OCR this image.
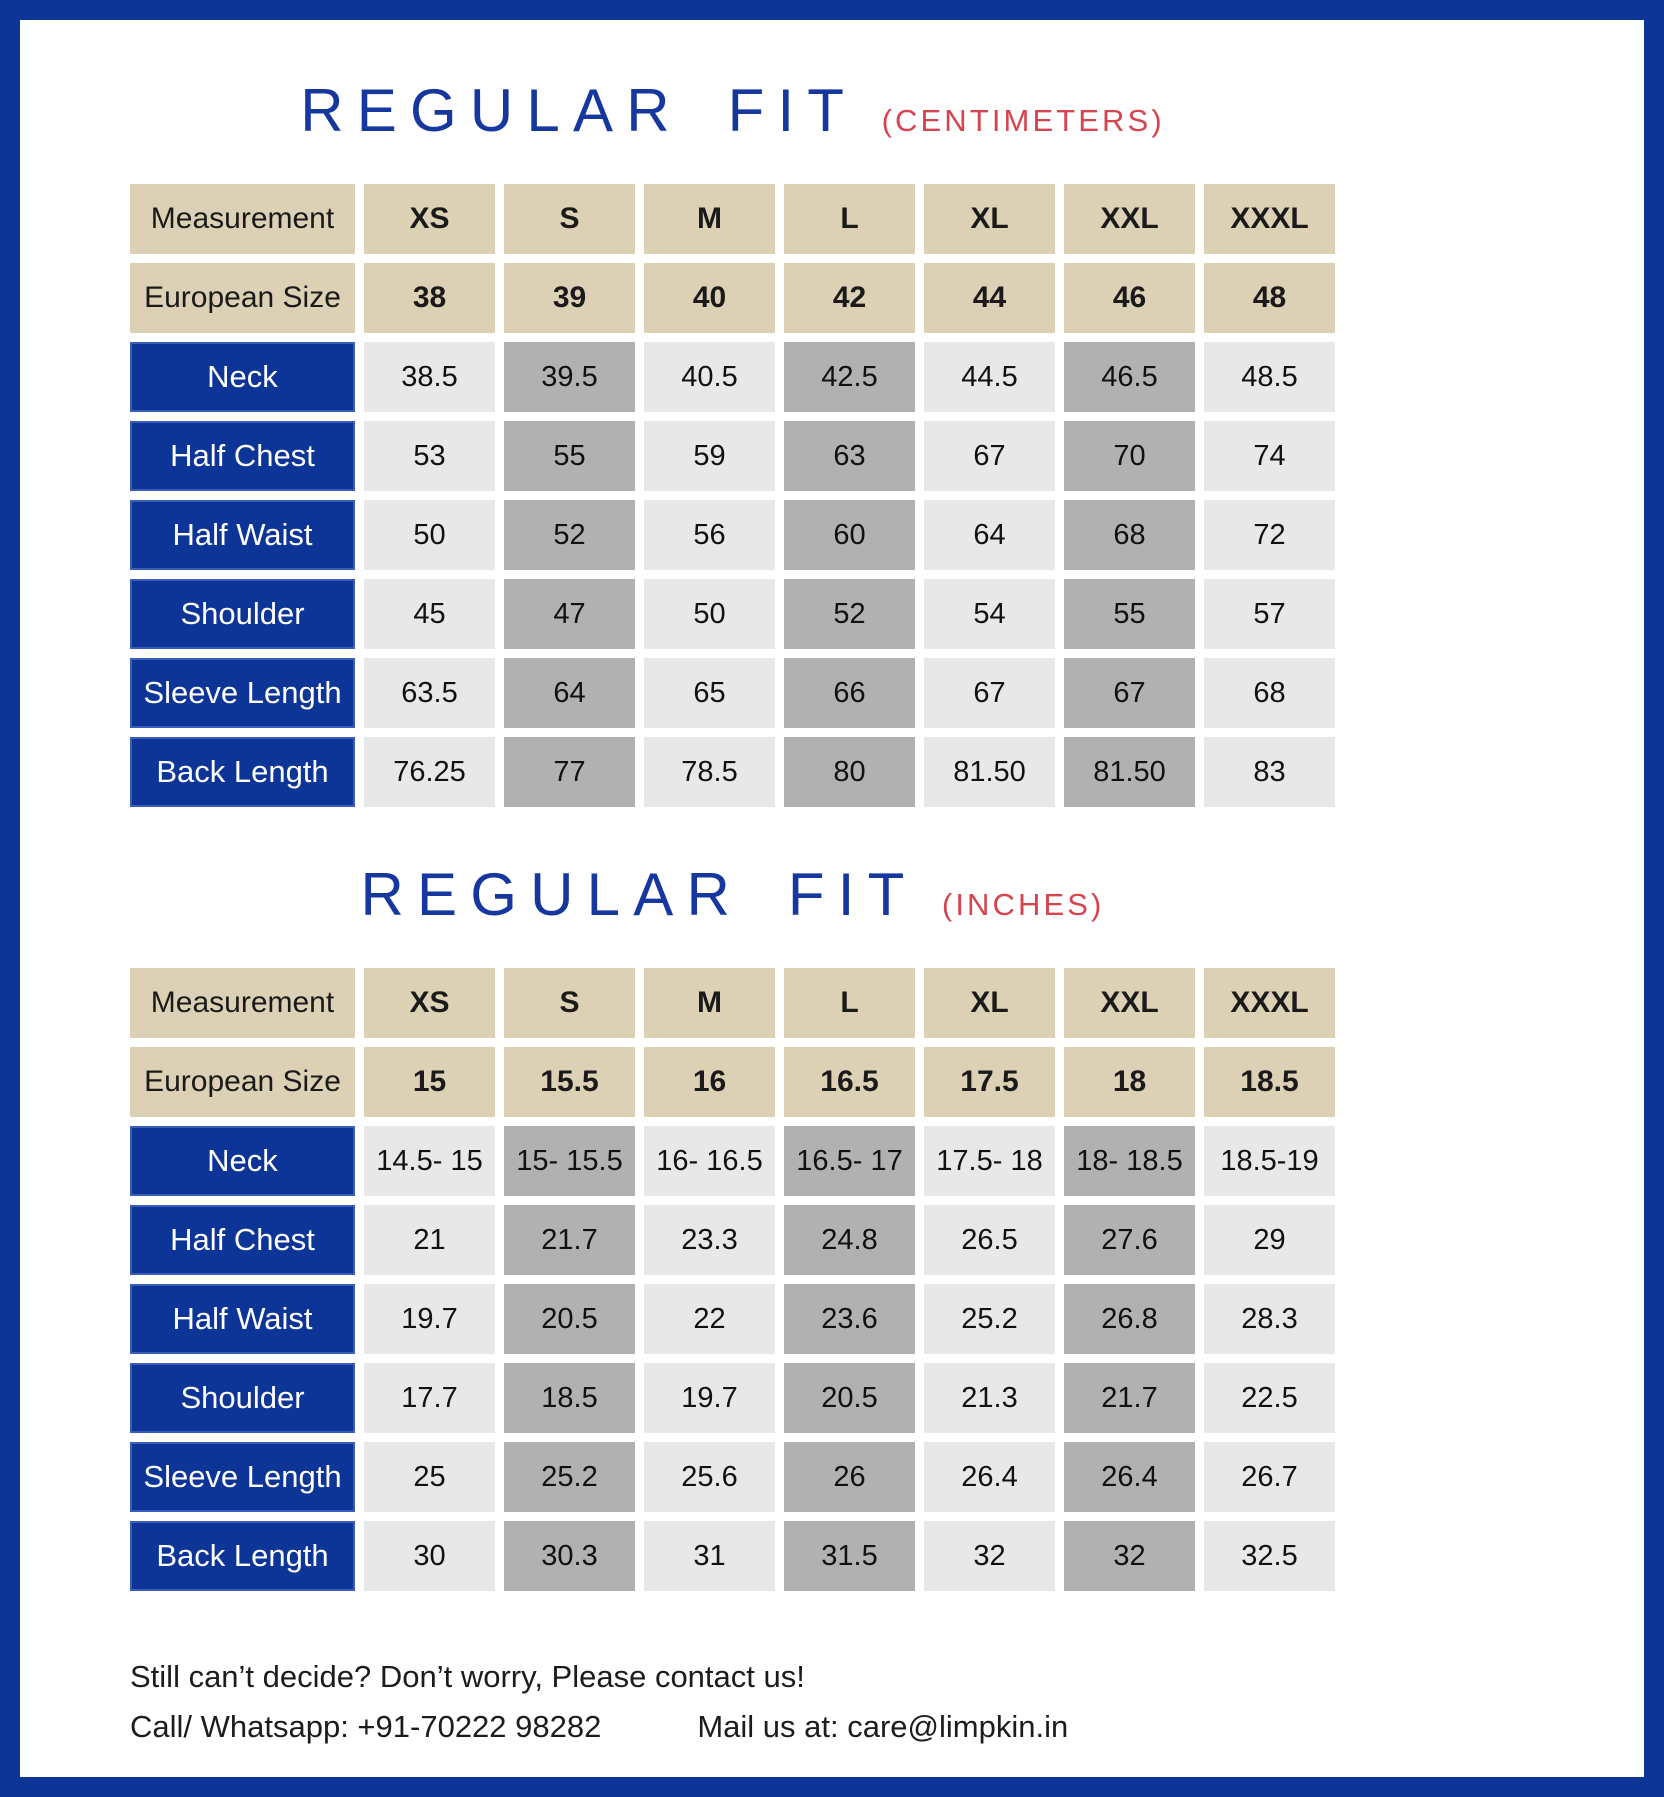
REGULAR FIT (CENTIMETERS)
Measurement	XS	S	M	L	XL	XXL	XXXL
European Size	38	39	40	42	44	46	48
Neck	38.5	39.5	40.5	42.5	44.5	46.5	48.5
Half Chest	53	55	59	63	67	70	74
Half Waist	50	52	56	60	64	68	72
Shoulder	45	47	50	52	54	55	57
Sleeve Length	63.5	64	65	66	67	67	68
Back Length	76.25	77	78.5	80	81.50	81.50	83
REGULAR FIT (INCHES)
Measurement	XS	S	M	L	XL	XXL	XXXL
European Size	15	15.5	16	16.5	17.5	18	18.5
Neck	14.5- 15	15- 15.5	16- 16.5	16.5- 17	17.5- 18	18- 18.5	18.5-19
Half Chest	21	21.7	23.3	24.8	26.5	27.6	29
Half Waist	19.7	20.5	22	23.6	25.2	26.8	28.3
Shoulder	17.7	18.5	19.7	20.5	21.3	21.7	22.5
Sleeve Length	25	25.2	25.6	26	26.4	26.4	26.7
Back Length	30	30.3	31	31.5	32	32	32.5
Still can’t decide? Don’t worry, Please contact us!
Call/ Whatsapp: +91-70222 98282	Mail us at: care@limpkin.in
